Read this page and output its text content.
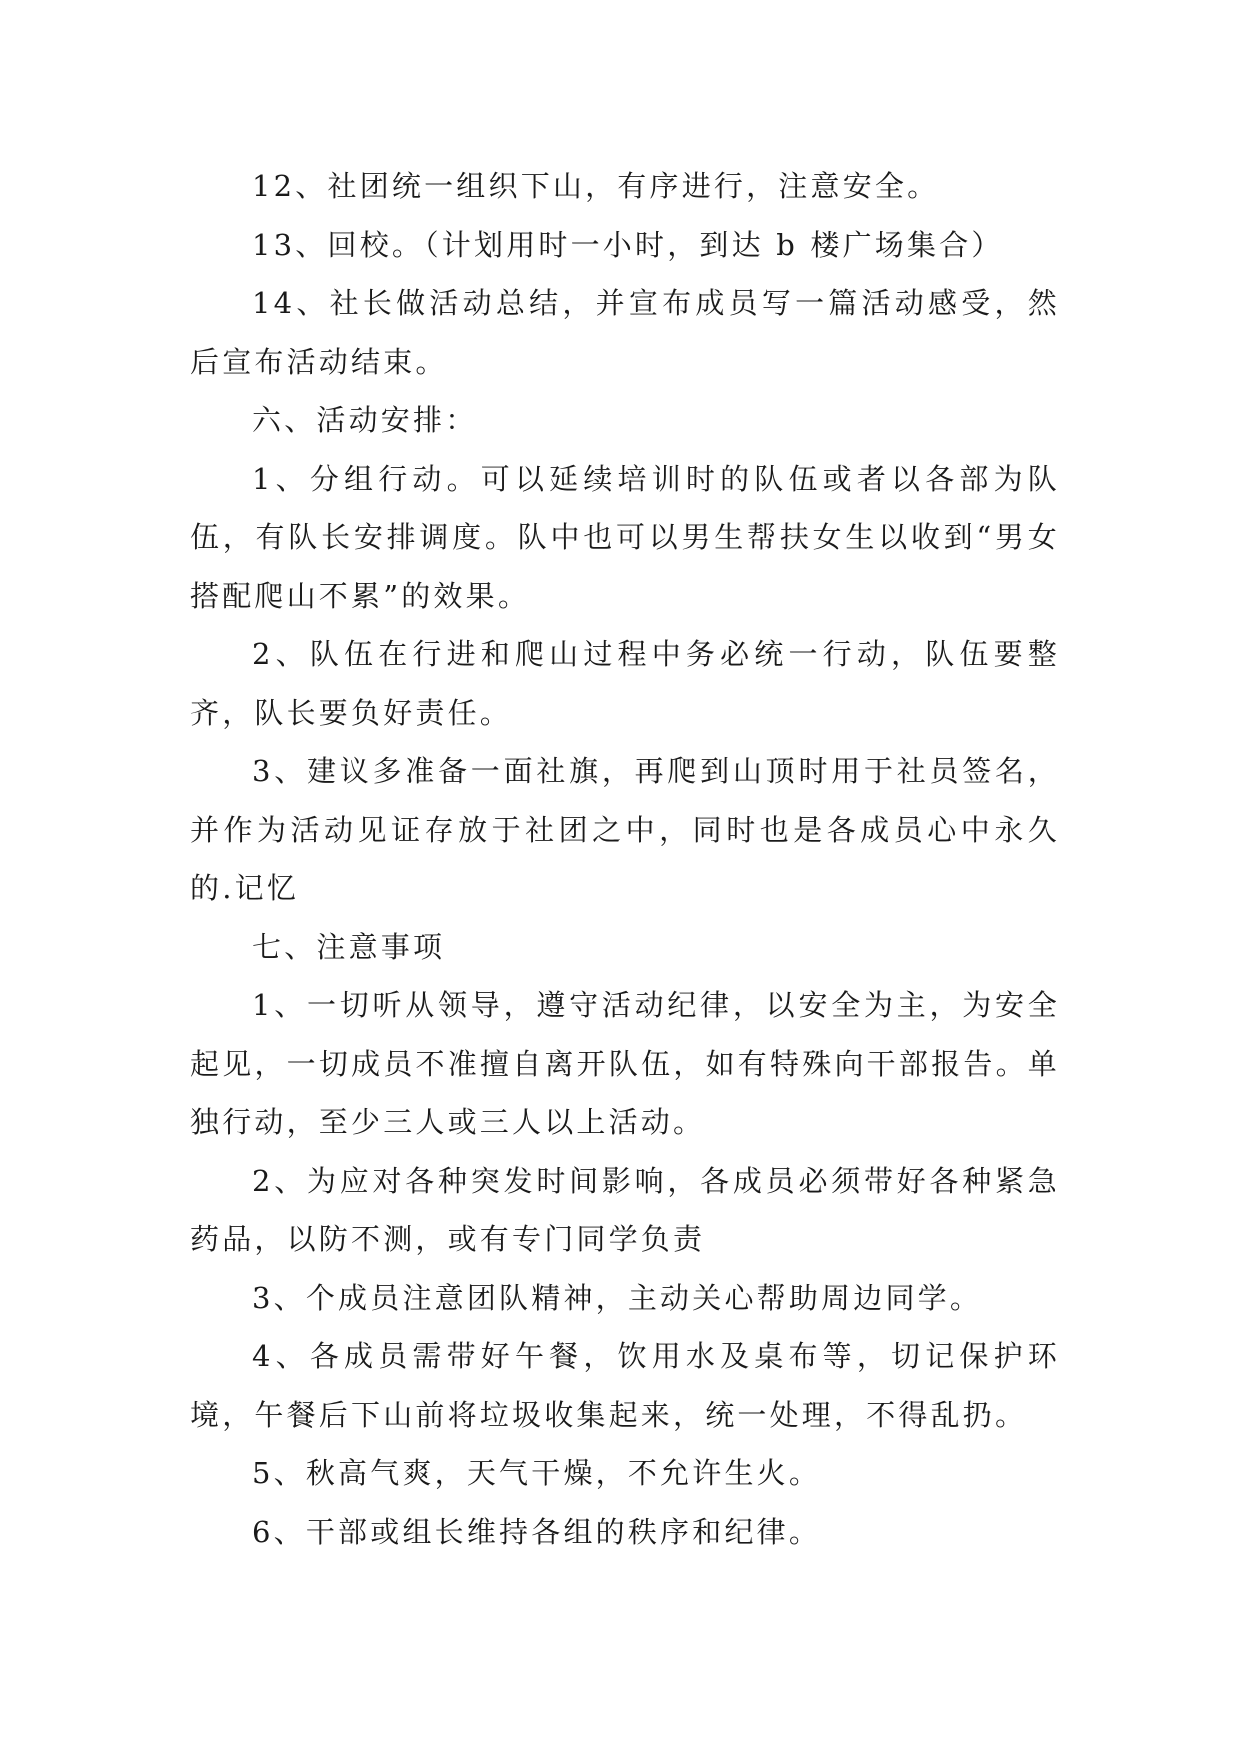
12、社团统一组织下山，有序进行，注意安全。

13、回校。（计划用时一小时，到达 b 楼广场集合）

14、社长做活动总结，并宣布成员写一篇活动感受，然后宣布活动结束。

六、活动安排：

1、分组行动。可以延续培训时的队伍或者以各部为队伍，有队长安排调度。队中也可以男生帮扶女生以收到“男女搭配爬山不累”的效果。

2、队伍在行进和爬山过程中务必统一行动，队伍要整齐，队长要负好责任。

3、建议多准备一面社旗，再爬到山顶时用于社员签名，并作为活动见证存放于社团之中，同时也是各成员心中永久的.记忆

七、注意事项

1、一切听从领导，遵守活动纪律，以安全为主，为安全起见，一切成员不准擅自离开队伍，如有特殊向干部报告。单独行动，至少三人或三人以上活动。

2、为应对各种突发时间影响，各成员必须带好各种紧急药品，以防不测，或有专门同学负责

3、个成员注意团队精神，主动关心帮助周边同学。

4、各成员需带好午餐，饮用水及桌布等，切记保护环境，午餐后下山前将垃圾收集起来，统一处理，不得乱扔。

5、秋高气爽，天气干燥，不允许生火。

6、干部或组长维持各组的秩序和纪律。
